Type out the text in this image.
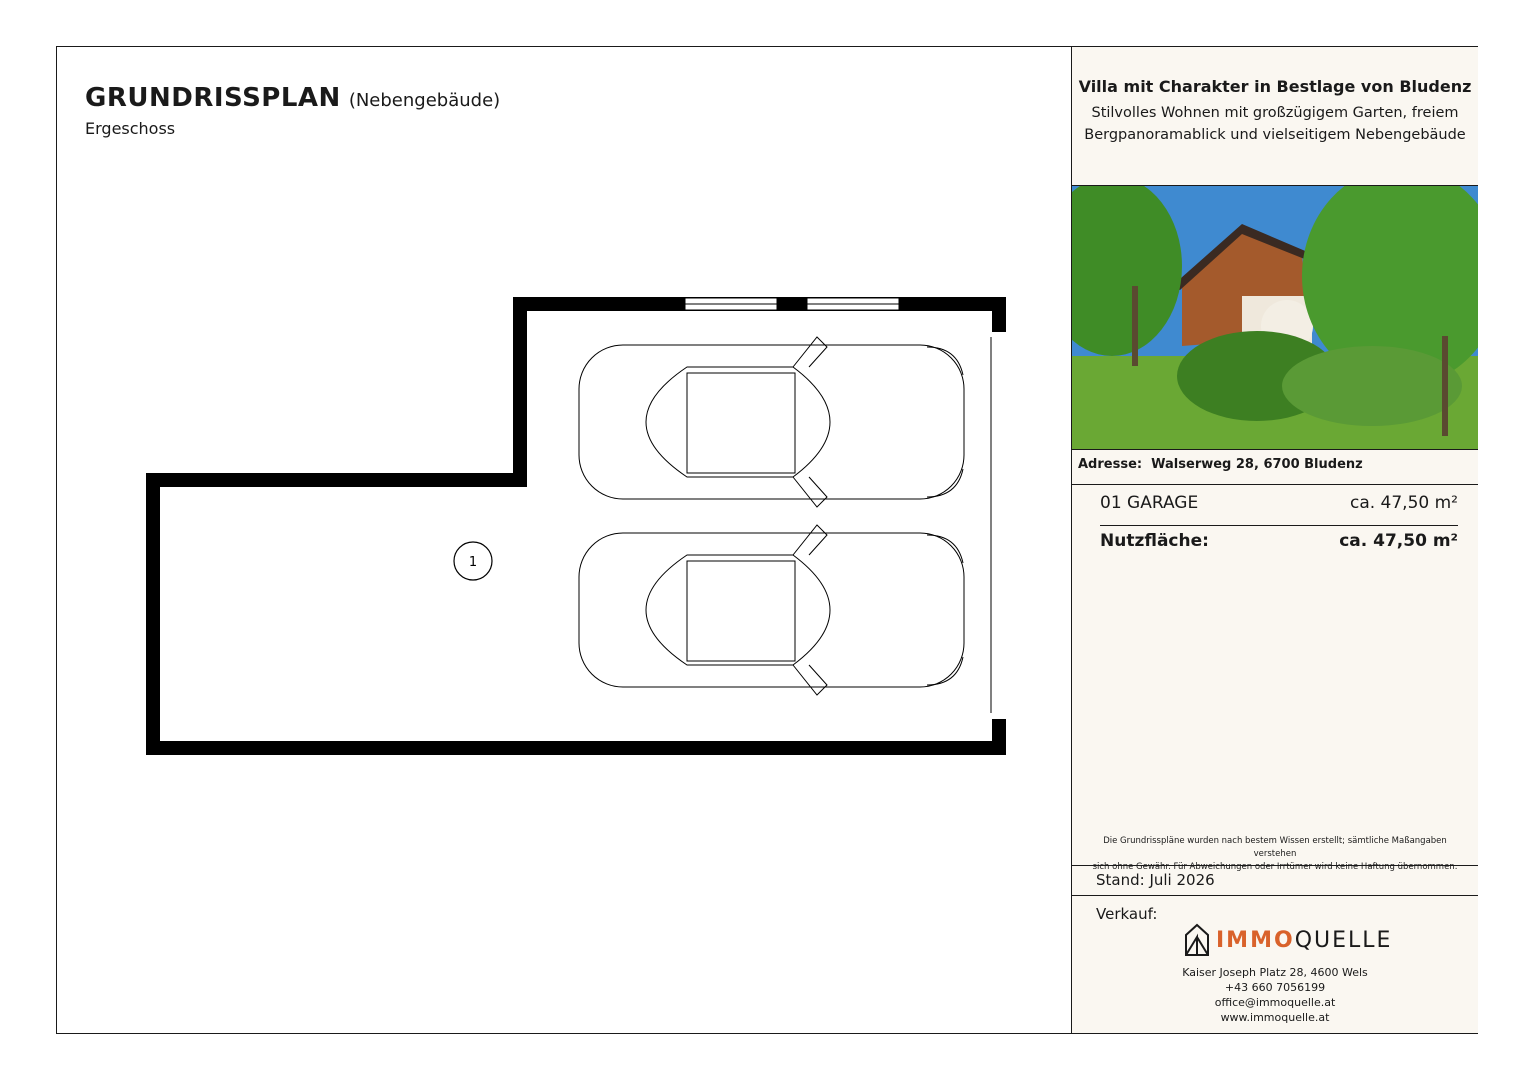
GRUNDRISSPLAN (Nebengebäude)
Ergeschoss
1
Villa mit Charakter in Bestlage von Bludenz
Stilvolles Wohnen mit großzügigem Garten, freiem
Bergpanoramablick und vielseitigem Nebengebäude
Adresse: Walserweg 28, 6700 Bludenz
01 GARAGE	ca. 47,50 m²
Nutzfläche:	ca. 47,50 m²
Die Grundrisspläne wurden nach bestem Wissen erstellt; sämtliche Maßangaben verstehen
sich ohne Gewähr. Für Abweichungen oder Irrtümer wird keine Haftung übernommen.
Stand: Juli 2026
Verkauf:
IMMOQUELLE
Kaiser Joseph Platz 28, 4600 Wels
+43 660 7056199
office@immoquelle.at
www.immoquelle.at
